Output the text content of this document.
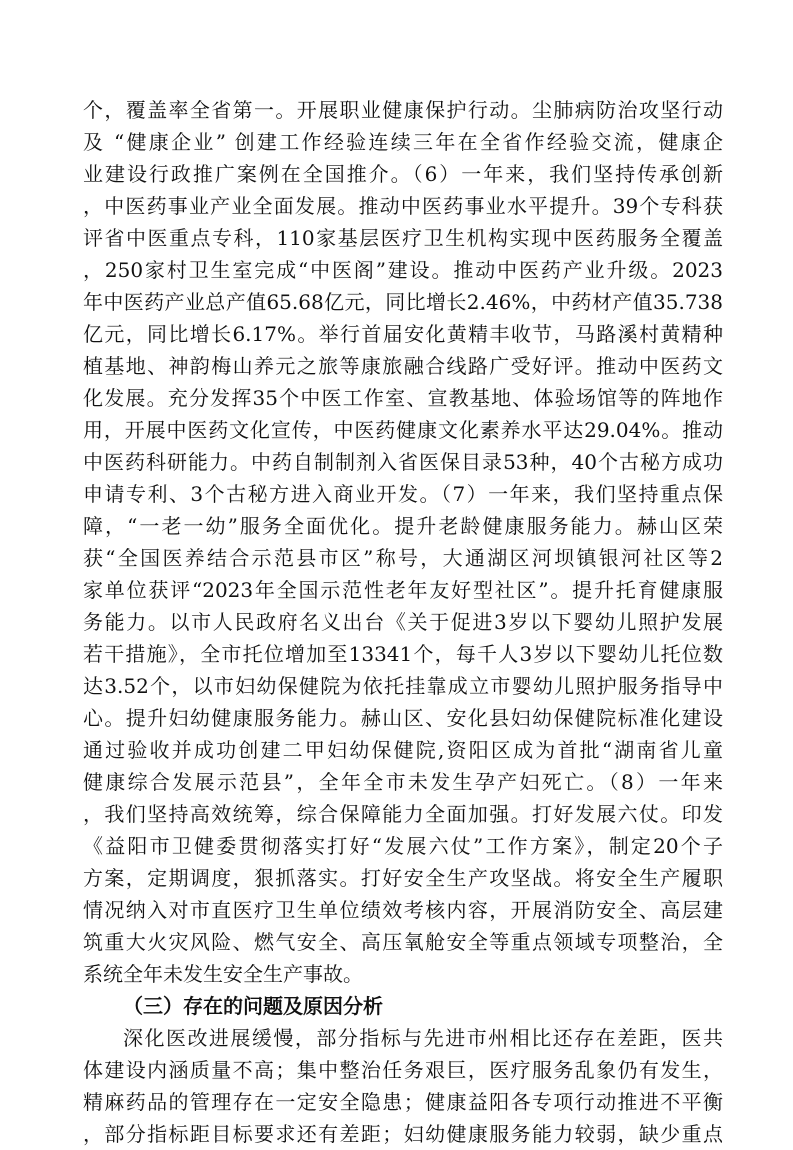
个，覆盖率全省第一。开展职业健康保护行动。尘肺病防治攻坚行动
及 “健康企业” 创建工作经验连续三年在全省作经验交流，健康企
业建设行政推广案例在全国推介。（6）一年来，我们坚持传承创新
，中医药事业产业全面发展。推动中医药事业水平提升。39个专科获
评省中医重点专科，110家基层医疗卫生机构实现中医药服务全覆盖
，250家村卫生室完成“中医阁”建设。推动中医药产业升级。2023
年中医药产业总产值65.68亿元，同比增长2.46%，中药材产值35.738
亿元，同比增长6.17%。举行首届安化黄精丰收节，马路溪村黄精种
植基地、神韵梅山养元之旅等康旅融合线路广受好评。推动中医药文
化发展。充分发挥35个中医工作室、宣教基地、体验场馆等的阵地作
用，开展中医药文化宣传，中医药健康文化素养水平达29.04%。推动
中医药科研能力。中药自制制剂入省医保目录53种，40个古秘方成功
申请专利、3个古秘方进入商业开发。（7）一年来，我们坚持重点保
障，“一老一幼”服务全面优化。提升老龄健康服务能力。赫山区荣
获“全国医养结合示范县市区”称号，大通湖区河坝镇银河社区等2
家单位获评“2023年全国示范性老年友好型社区”。提升托育健康服
务能力。以市人民政府名义出台《关于促进3岁以下婴幼儿照护发展
若干措施》，全市托位增加至13341个，每千人3岁以下婴幼儿托位数
达3.52个，以市妇幼保健院为依托挂靠成立市婴幼儿照护服务指导中
心。提升妇幼健康服务能力。赫山区、安化县妇幼保健院标准化建设
通过验收并成功创建二甲妇幼保健院,资阳区成为首批“湖南省儿童
健康综合发展示范县”，全年全市未发生孕产妇死亡。（8）一年来
，我们坚持高效统筹，综合保障能力全面加强。打好发展六仗。印发
《益阳市卫健委贯彻落实打好“发展六仗”工作方案》，制定20个子
方案，定期调度，狠抓落实。打好安全生产攻坚战。将安全生产履职
情况纳入对市直医疗卫生单位绩效考核内容，开展消防安全、高层建
筑重大火灾风险、燃气安全、高压氧舱安全等重点领域专项整治，全
系统全年未发生安全生产事故。
（三）存在的问题及原因分析
深化医改进展缓慢，部分指标与先进市州相比还存在差距，医共
体建设内涵质量不高；集中整治任务艰巨，医疗服务乱象仍有发生，
精麻药品的管理存在一定安全隐患；健康益阳各专项行动推进不平衡
，部分指标距目标要求还有差距；妇幼健康服务能力较弱，缺少重点
